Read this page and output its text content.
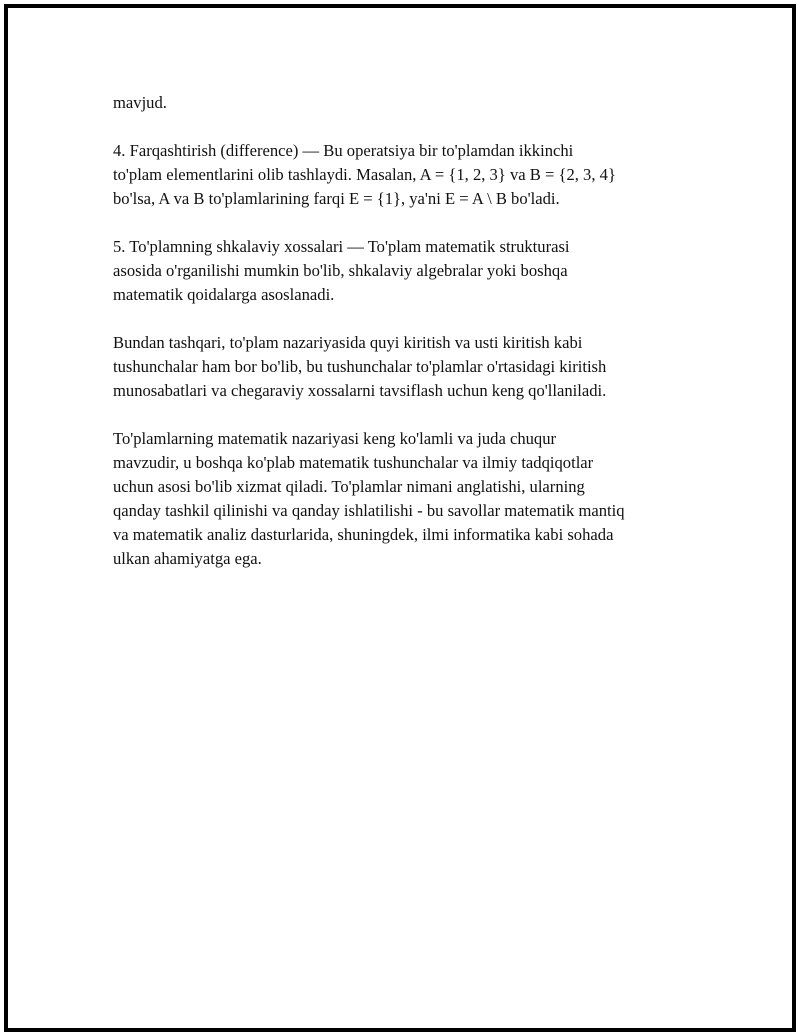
mavjud.
4. Farqashtirish (difference) — Bu operatsiya bir to'plamdan ikkinchi
to'plam elementlarini olib tashlaydi. Masalan, A = {1, 2, 3} va B = {2, 3, 4}
bo'lsa, A va B to'plamlarining farqi E = {1}, ya'ni E = A \ B bo'ladi.
5. To'plamning shkalaviy xossalari — To'plam matematik strukturasi
asosida o'rganilishi mumkin bo'lib, shkalaviy algebralar yoki boshqa
matematik qoidalarga asoslanadi.
Bundan tashqari, to'plam nazariyasida quyi kiritish va usti kiritish kabi
tushunchalar ham bor bo'lib, bu tushunchalar to'plamlar o'rtasidagi kiritish
munosabatlari va chegaraviy xossalarni tavsiflash uchun keng qo'llaniladi.
To'plamlarning matematik nazariyasi keng ko'lamli va juda chuqur
mavzudir, u boshqa ko'plab matematik tushunchalar va ilmiy tadqiqotlar
uchun asosi bo'lib xizmat qiladi. To'plamlar nimani anglatishi, ularning
qanday tashkil qilinishi va qanday ishlatilishi - bu savollar matematik mantiq
va matematik analiz dasturlarida, shuningdek, ilmi informatika kabi sohada
ulkan ahamiyatga ega.
